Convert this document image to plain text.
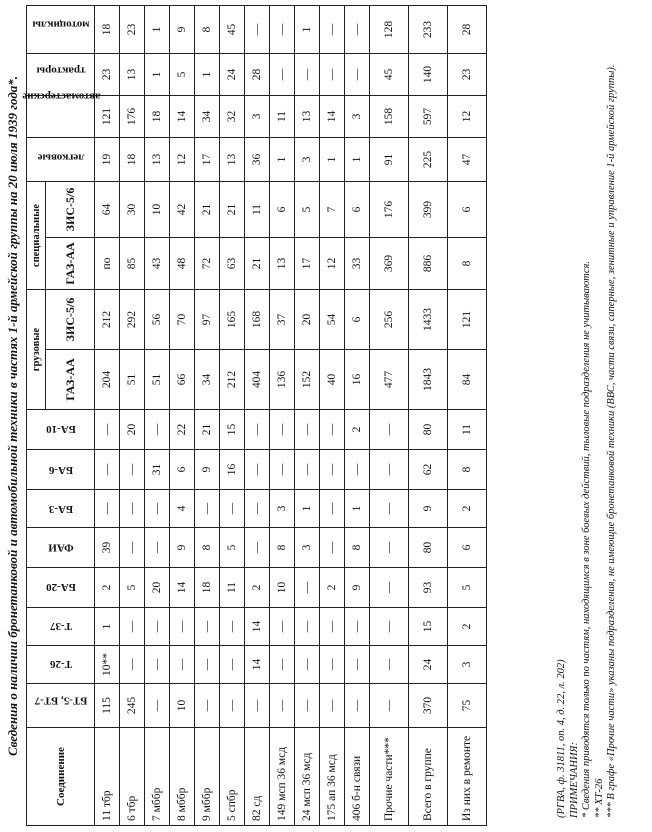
Сведения о наличии бронетанковой и автомобильной техники в частях 1-й армейской группы на 20 июля 1939 года*.
Соединение	БТ-5, БТ-7	Т-26	Т-37	БА-20	ФАИ	БА-3	БА-6	БА-10	грузовые		специальные		легковые	автомастерские	тракторы	мотоциклы
									ГАЗ-АА	ЗИС-5/6	ГАЗ-АА	ЗИС-5/6				
11 тбр	115	10**	1	2	39	—	—	—	204	212	по	64	19	121	23	18
6 тбр	245	—	—	5	—	—	—	20	51	292	85	30	18	176	13	23
7 мббр	—	—	—	20	—	—	31	—	51	56	43	10	13	18	1	1
8 мббр	10	—	—	14	9	4	6	22	66	70	48	42	12	14	5	9
9 мббр	—	—	—	18	8	—	9	21	34	97	72	21	17	34	1	8
5 спбр	—	—	—	11	5	—	16	15	212	165	63	21	13	32	24	45
82 сд	—	14	14	2	—	—	—	—	404	168	21	11	36	3	28	—
149 мсп 36 мсд	—	—	—	10	8	3	—	—	136	37	13	6	1	11	—	—
24 мсп 36 мсд	—	—	—	—	3	1	—	—	152	20	17	5	3	13	—	1
175 ап 36 мсд	—	—	—	2	—	—	—	—	40	54	12	7	1	14	—	—
406 б-н связи	—	—	—	9	8	1	—	2	16	6	33	6	1	3	—	—
Прочие части***	—	—	—	—	—	—	—	—	477	256	369	176	91	158	45	128
Всего в группе	370	24	15	93	80	9	62	80	1843	1433	886	399	225	597	140	233
Из них в ремонте	75	3	2	5	6	2	8	11	84	121	8	6	47	12	23	28
(РГВА, ф. 31811, оп. 4, д. 22, л. 202) ПРИМЕЧАНИЯ: * Сведения приводятся только по частям, находящимся в зоне боевых действий, тыловые подразделения не учитываются. ** ХТ-26 *** В графе «Прочие части» указаны подразделения, не имеющие бронетанковой техники (ВВС, части связи, саперные, зенитные и управление 1-й армейской группы).
